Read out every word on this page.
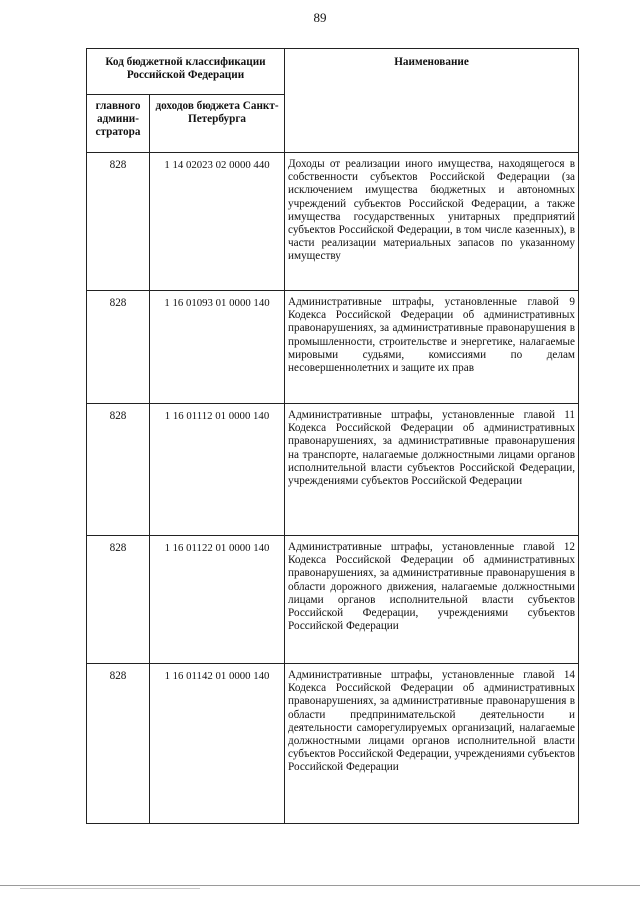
89
Код бюджетной классификации Российской Федерации		Наименование
главного админи-стратора	доходов бюджета Санкт-Петербурга	
828	1 14 02023 02 0000 440	Доходы от реализации иного имущества, находящегося в собственности субъектов Российской Федерации (за исключением имущества бюджетных и автономных учреждений субъектов Российской Федерации, а также имущества государственных унитарных предприятий субъектов Российской Федерации, в том числе казенных), в части реализации материальных запасов по указанному имуществу
828	1 16 01093 01 0000 140	Административные штрафы, установленные главой 9 Кодекса Российской Федерации об административных правонарушениях, за административные правонарушения в промышленности, строительстве и энергетике, налагаемые мировыми судьями, комиссиями по делам несовершеннолетних и защите их прав
828	1 16 01112 01 0000 140	Административные штрафы, установленные главой 11 Кодекса Российской Федерации об административных правонарушениях, за административные правонарушения на транспорте, налагаемые должностными лицами органов исполнительной власти субъектов Российской Федерации, учреждениями субъектов Российской Федерации
828	1 16 01122 01 0000 140	Административные штрафы, установленные главой 12 Кодекса Российской Федерации об административных правонарушениях, за административные правонарушения в области дорожного движения, налагаемые должностными лицами органов исполнительной власти субъектов Российской Федерации, учреждениями субъектов Российской Федерации
828	1 16 01142 01 0000 140	Административные штрафы, установленные главой 14 Кодекса Российской Федерации об административных правонарушениях, за административные правонарушения в области предпринимательской деятельности и деятельности саморегулируемых организаций, налагаемые должностными лицами органов исполнительной власти субъектов Российской Федерации, учреждениями субъектов Российской Федерации
